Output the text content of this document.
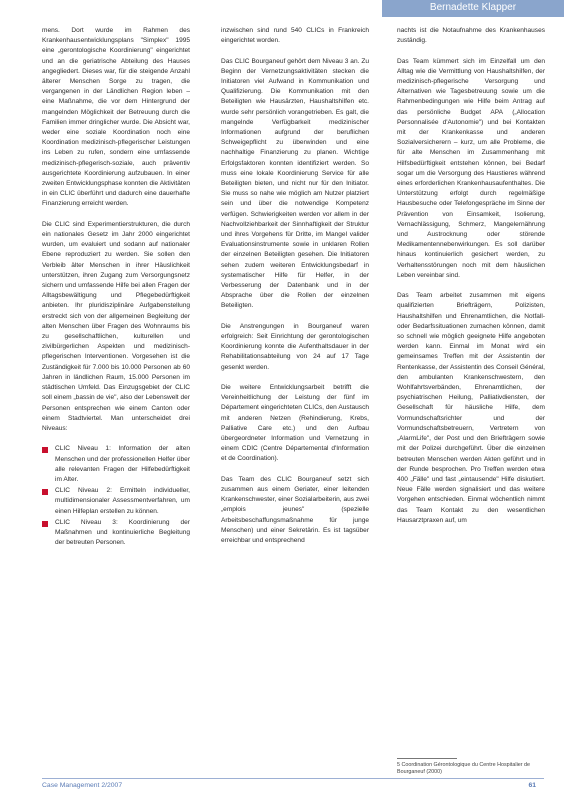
Bernadette Klapper

mens. Dort wurde im Rahmen des Krankenhausentwicklungsplans "Simplex" 1995 eine „gerontologische Koordinierung" eingerichtet und an die geriatrische Abteilung des Hauses angegliedert. Dieses war, für die steigende Anzahl älterer Menschen Sorge zu tragen, die vergangenen in der Ländlichen Region leben – eine Maßnahme, die vor dem Hintergrund der mangelnden Möglichkeit der Betreuung durch die Familien immer dringlicher wurde. Die Absicht war, weder eine soziale Koordination noch eine Koordination medizinisch-pflegerischer Leistungen ins Leben zu rufen, sondern eine umfassende medizinisch-pflegerisch-soziale, auch präventiv ausgerichtete Koordinierung aufzubauen. In einer zweiten Entwicklungsphase konnten die Aktivitäten in ein CLIC überführt und dadurch eine dauerhafte Finanzierung erreicht werden.

Die CLIC sind Experimentierstrukturen, die durch ein nationales Gesetz im Jahr 2000 eingerichtet wurden, um evaluiert und sodann auf nationaler Ebene reproduziert zu werden. Sie sollen den Verbleib älter Menschen in ihrer Häuslichkeit unterstützen, ihren Zugang zum Versorgungsnetz sichern und umfassende Hilfe bei allen Fragen der Alltagsbewältigung und Pflegebedürftigkeit anbieten. Ihr pluridisziplinäre Aufgabenstellung erstreckt sich von der allgemeinen Begleitung der alten Menschen über Fragen des Wohnraums bis zu gesellschaftlichen, kulturellen und zivilbürgerlichen Aspekten und medizinisch-pflegerischen Interventionen. Vorgesehen ist die Zuständigkeit für 7.000 bis 10.000 Personen ab 60 Jahren in ländlichen Raum, 15.000 Personen im städtischen Umfeld. Das Einzugsgebiet der CLIC soll einem „bassin de vie", also der Lebenswelt der Personen entsprechen wie einem Canton oder einem Stadtviertel. Man unterscheidet drei Niveaus:

CLIC Niveau 1: Information der alten Menschen und der professionellen Helfer über alle relevanten Fragen der Hilfebedürftigkeit im Alter.
CLIC Niveau 2: Ermitteln individueller, multidimensionaler Assessmentverfahren, um einen Hilfeplan erstellen zu können.
CLIC Niveau 3: Koordinierung der Maßnahmen und kontinuierliche Begleitung der betreuten Personen.

inzwischen sind rund 540 CLICs in Frankreich eingerichtet worden.

Das CLIC Bourganeuf gehört dem Niveau 3 an. Zu Beginn der Vernetzungsaktivitäten stecken die Initiatoren viel Aufwand in Kommunikation und Qualifizierung. Die Kommunikation mit den Beteiligten wie Hausärzten, Haushaltshilfen etc. wurde sehr persönlich vorangetrieben. Es galt, die mangelnde Verfügbarkeit medizinischer Informationen aufgrund der beruflichen Schweigepflicht zu überwinden und eine nachhaltige Finanzierung zu planen. Wichtige Erfolgsfaktoren konnten identifiziert werden. So muss eine lokale Koordinierung Service für alle Beteiligten bieten, und nicht nur für den Initiator. Sie muss so nahe wie möglich am Nutzer platziert sein und über die notwendige Kompetenz verfügen. Schwierigkeiten werden vor allem in der Nachvollziehbarkeit der Sinnhaftigkeit der Struktur und ihres Vorgehens für Dritte, im Mangel valider Evaluationsinstrumente sowie in unklaren Rollen der einzelnen Beteiligten gesehen. Die Initiatoren sehen zudem weiteren Entwicklungsbedarf in systematischer Hilfe für Helfer, in der Verbesserung der Datenbank und in der Absprache über die Rollen der einzelnen Beteiligten.

Die Anstrengungen in Bourganeuf waren erfolgreich: Seit Einrichtung der gerontologischen Koordinierung konnte die Aufenthaltsdauer in der Rehabilitationsabteilung von 24 auf 17 Tage gesenkt werden.

Die weitere Entwicklungsarbeit betrifft die Vereinheitlichung der Leistung der fünf im Département eingerichteten CLICs, den Austausch mit anderen Netzen (Rehindierung, Krebs, Palliative Care etc.) und den Aufbau übergeordneter Information und Vernetzung in einem CDIC (Centre Départemental d'Information et de Coordination).

Das Team des CLIC Bourganeuf setzt sich zusammen aus einem Geriater, einer leitenden Krankenschwester, einer Sozialarbeiterin, aus zwei „emplois jeunes" (spezielle Arbeitsbeschaffungsmaßnahme für junge Menschen) und einer Sekretärin. Es ist tagsüber erreichbar und entsprechend

nachts ist die Notaufnahme des Krankenhauses zuständig.

Das Team kümmert sich im Einzelfall um den Alltag wie die Vermittlung von Haushaltshilfen, der medizinisch-pflegerische Versorgung und Alternativen wie Tagesbetreuung sowie um die Rahmenbedingungen wie Hilfe beim Antrag auf das persönliche Budget APA („Allocation Personnalisée d'Autonomie") und bei Kontakten mit der Krankenkasse und anderen Sozialversicherern – kurz, um alle Probleme, die für alte Menschen im Zusammenhang mit Hilfsbedürftigkeit entstehen können, bei Bedarf sogar um die Versorgung des Haustieres während eines erforderlichen Krankenhausaufenthaltes. Die Unterstützung erfolgt durch regelmäßige Hausbesuche oder Telefongespräche im Sinne der Prävention von Einsamkeit, Isolierung, Vernachlässigung, Schmerz, Mangelernährung und Austrocknung oder störende Medikamentennebenwirkungen. Es soll darüber hinaus kontinuierlich gesichert werden, zu Verhaltensstörungen noch mit dem häuslichen Leben vereinbar sind.

Das Team arbeitet zusammen mit eigens qualifizierten Briefträgern, Polizisten, Haushaltshilfen und Ehrenamtlichen, die Notfall- oder Bedarfssituationen zumachen können, damit so schnell wie möglich geeignete Hilfe angeboten werden kann. Einmal im Monat wird ein gemeinsames Treffen mit der Assistentin der Rentenkasse, der Assistentin des Conseil Général, den ambulanten Krankenschwestern, den Wohlfahrtsverbänden, Ehrenamtlichen, der psychiatrischen Heilung, Palliativdiensten, der Gesellschaft für häusliche Hilfe, dem Vormundschaftsrichter und der Vormundschaftsbetreuern, Vertretern von „AlarmLife", der Post und den Briefträgern sowie mit der Polizei durchgeführt. Über die einzelnen betreuten Menschen werden Akten geführt und in der Runde besprochen. Pro Treffen werden etwa 400 „Fälle" und fast „eintausende" Hilfe diskutiert. Neue Fälle werden signalisiert und das weitere Vorgehen entschieden. Einmal wöchentlich nimmt das Team Kontakt zu den wesentlichen Hausarztpraxen auf, um

5 Coordination Gérontologique du Centre Hospitalier de Bourganeuf (2000)
Case Management 2/2007	61
